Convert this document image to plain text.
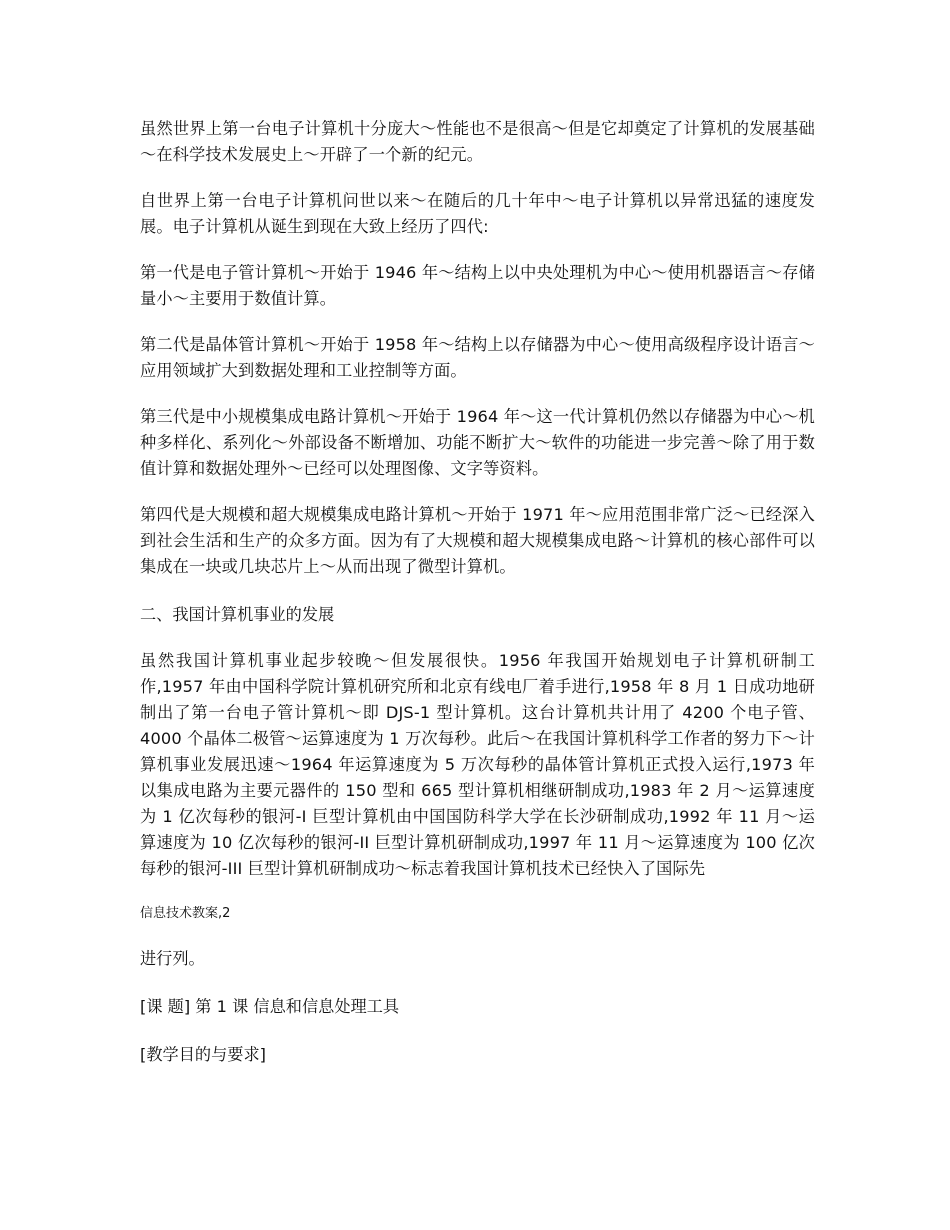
虽然世界上第一台电子计算机十分庞大～性能也不是很高～但是它却奠定了计算机的发展基础～在科学技术发展史上～开辟了一个新的纪元。

自世界上第一台电子计算机问世以来～在随后的几十年中～电子计算机以异常迅猛的速度发展。电子计算机从诞生到现在大致上经历了四代:

第一代是电子管计算机～开始于 1946 年～结构上以中央处理机为中心～使用机器语言～存储量小～主要用于数值计算。

第二代是晶体管计算机～开始于 1958 年～结构上以存储器为中心～使用高级程序设计语言～应用领域扩大到数据处理和工业控制等方面。

第三代是中小规模集成电路计算机～开始于 1964 年～这一代计算机仍然以存储器为中心～机种多样化、系列化～外部设备不断增加、功能不断扩大～软件的功能进一步完善～除了用于数值计算和数据处理外～已经可以处理图像、文字等资料。

第四代是大规模和超大规模集成电路计算机～开始于 1971 年～应用范围非常广泛～已经深入到社会生活和生产的众多方面。因为有了大规模和超大规模集成电路～计算机的核心部件可以集成在一块或几块芯片上～从而出现了微型计算机。

二、我国计算机事业的发展

虽然我国计算机事业起步较晚～但发展很快。1956 年我国开始规划电子计算机研制工作,1957 年由中国科学院计算机研究所和北京有线电厂着手进行,1958 年 8 月 1 日成功地研制出了第一台电子管计算机～即 DJS-1 型计算机。这台计算机共计用了 4200 个电子管、4000 个晶体二极管～运算速度为 1 万次每秒。此后～在我国计算机科学工作者的努力下～计算机事业发展迅速～1964 年运算速度为 5 万次每秒的晶体管计算机正式投入运行,1973 年以集成电路为主要元器件的 150 型和 665 型计算机相继研制成功,1983 年 2 月～运算速度为 1 亿次每秒的银河-I 巨型计算机由中国国防科学大学在长沙研制成功,1992 年 11 月～运算速度为 10 亿次每秒的银河-II 巨型计算机研制成功,1997 年 11 月～运算速度为 100 亿次每秒的银河-III 巨型计算机研制成功～标志着我国计算机技术已经快入了国际先

信息技术教案,2

进行列。

[课 题] 第 1 课 信息和信息处理工具

[教学目的与要求]
